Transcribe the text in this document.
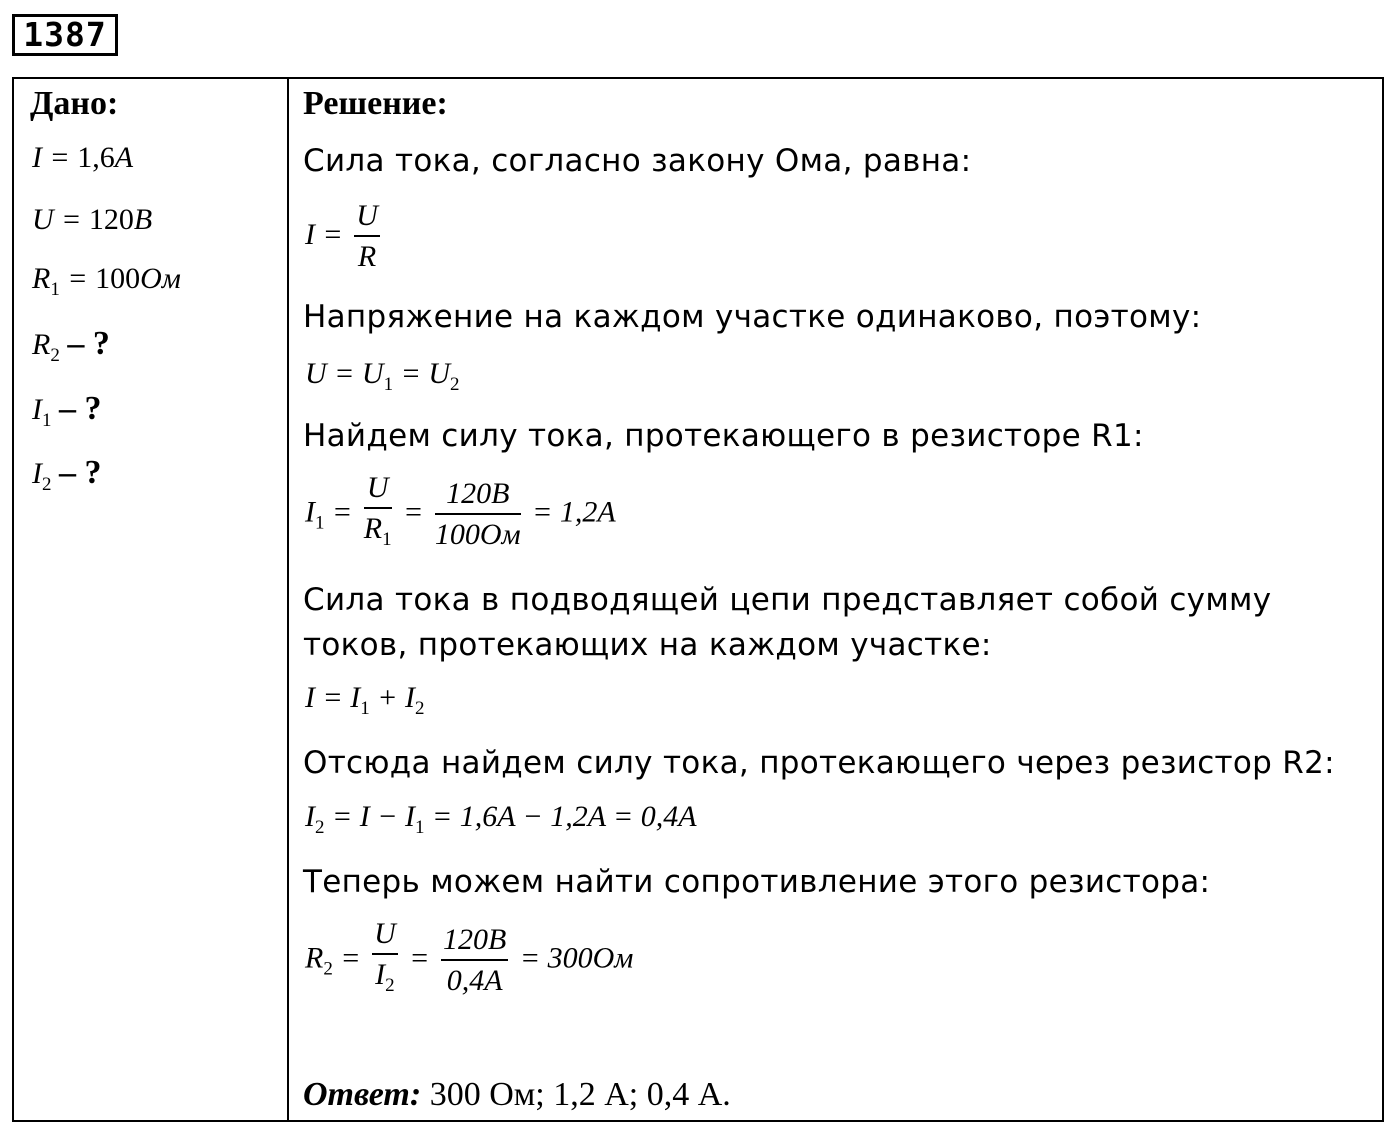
1387
Дано:
I = 1,6A
U = 120B
$R_1 = 100Ом$
$R_2$ – ?
$I_1$ – ?
$I_2$ – ?
Решение:
Сила тока, согласно закону Ома, равна:
$I = \frac{U}{R}$
Напряжение на каждом участке одинаково, поэтому:
$U = U_1 = U_2$
Найдем силу тока, протекающего в резисторе R1:
$I_1 = \frac{U}{R_1} = \frac{120B}{100Ом} = 1,2A$
Сила тока в подводящей цепи представляет собой сумму
токов, протекающих на каждом участке:
$I = I_1 + I_2$
Отсюда найдем силу тока, протекающего через резистор R2:
$I_2 = I - I_1 = 1,6A - 1,2A = 0,4A$
Теперь можем найти сопротивление этого резистора:
$R_2 = \frac{U}{I_2} = \frac{120B}{0,4A} = 300Ом$
Ответ: 300 Ом; 1,2 А; 0,4 А.
